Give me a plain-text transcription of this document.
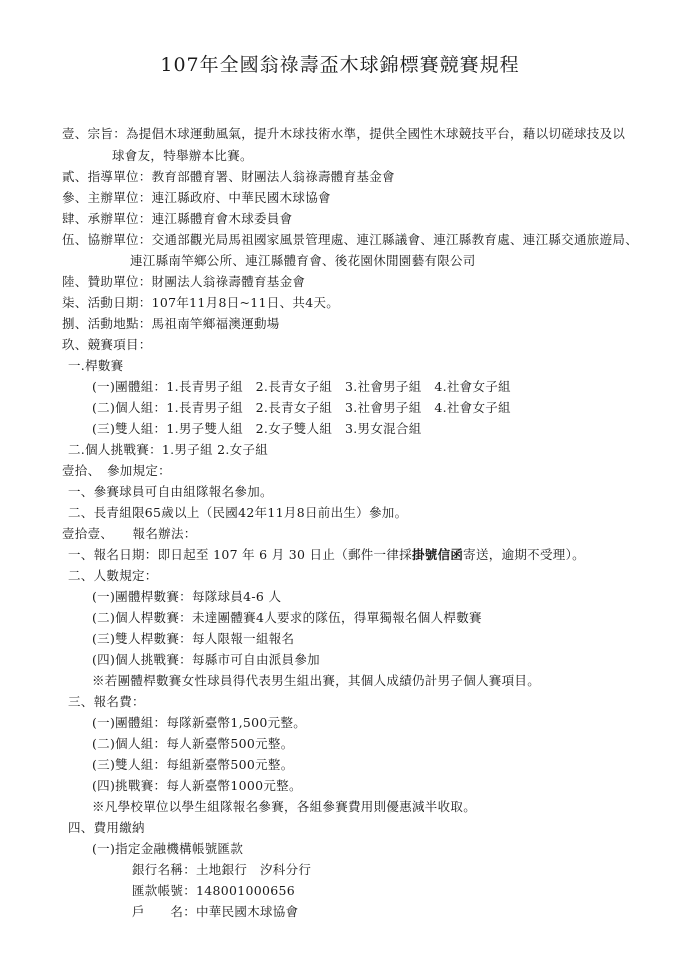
107年全國翁祿壽盃木球錦標賽競賽規程
壹、宗旨：為提倡木球運動風氣，提升木球技術水準，提供全國性木球競技平台，藉以切磋球技及以
球會友，特舉辦本比賽。
貳、指導單位：教育部體育署、財團法人翁祿壽體育基金會
參、主辦單位：連江縣政府、中華民國木球協會
肆、承辦單位：連江縣體育會木球委員會
伍、協辦單位：交通部觀光局馬祖國家風景管理處、連江縣議會、連江縣教育處、連江縣交通旅遊局、
連江縣南竿鄉公所、連江縣體育會、後花園休閒園藝有限公司
陸、贊助單位：財團法人翁祿壽體育基金會
柒、活動日期：107年11月8日~11日、共4天。
捌、活動地點：馬祖南竿鄉福澳運動場
玖、競賽項目：
一.桿數賽
(一)團體組：1.長青男子組　2.長青女子組　3.社會男子組　4.社會女子組
(二)個人組：1.長青男子組　2.長青女子組　3.社會男子組　4.社會女子組
(三)雙人組：1.男子雙人組　2.女子雙人組　3.男女混合組
二.個人挑戰賽：1.男子組 2.女子組
壹拾、　參加規定：
一、參賽球員可自由組隊報名參加。
二、長青組限65歲以上（民國42年11月8日前出生）參加。
壹拾壹、　　報名辦法：
一、報名日期：即日起至 107 年 6 月 30 日止（郵件一律採掛號信函寄送，逾期不受理）。
二、人數規定：
(一)團體桿數賽：每隊球員4-6 人
(二)個人桿數賽：未達團體賽4人要求的隊伍，得單獨報名個人桿數賽
(三)雙人桿數賽：每人限報一組報名
(四)個人挑戰賽：每縣市可自由派員參加
※若團體桿數賽女性球員得代表男生組出賽，其個人成績仍計男子個人賽項目。
三、報名費：
(一)團體組：每隊新臺幣1,500元整。
(二)個人組：每人新臺幣500元整。
(三)雙人組：每組新臺幣500元整。
(四)挑戰賽：每人新臺幣1000元整。
※凡學校單位以學生組隊報名參賽，各組參賽費用則優惠減半收取。
四、費用繳納
(一)指定金融機構帳號匯款
銀行名稱：土地銀行　汐科分行
匯款帳號：148001000656
戶　　名：中華民國木球協會
